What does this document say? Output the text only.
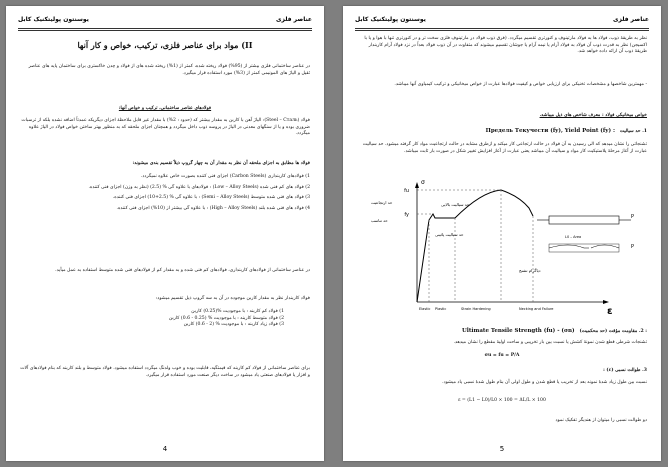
عناصر فلزی
یوسنتون پولیتکنیک کابل
II) مواد برای عناصر فلزی، ترکیب، خواص و کار آنها
در عناصر ساختمانی فلزی بیشتر از (95%) فولاد ریخته شده، کمتر از (1%) ریخته شده های از فولاد و چدن خاکستری برای ساختمان پایه های عناصر ثقیل و الیاژ های المونیمی کمتر از (3%) مورد استفاده قرار میگیرد.
فولادهای عناصر ساختمانی، ترکیب و خواص آنها:
فولاد (Steel – Сталь): الیاژ آهن با کاربن به مقدار بیشتر که (حدود : 2%) با مقدار غیر قابل ملاحظة اجزای دیگریکه عمدتاً اضافه نشده بلکه از ترسبات ضروری بوده و یا از سنگهای معدنی در الیاژ در پروسه ذوب داخل میگردد و همچنان اجزای ملحقه که به منظور بهتر ساختن خواص فولاد در الیاژ علاوه میگردد.
فولاد ها مطابق به اجزای ملحقه آن نظر به مقدار آن به چهار گروپ ذیلاً تقسیم بندی میشوند:
1) فولادهای کاربنداری (Carbon Steels) اجزای فنی کننده بصورت خاص علاوه نمیگردد.
2) فولاد های کم فنی شده (Low – Alloy Steels) : فولادهای با علاوه گی % (2.5) (نظر به وزن) اجزای فنی کننده.
3) فولاد های فنی شده متوسط (Semi – Alloy Steels) : با علاوه گی % (2.5+10) اجزای فنی کننده.
4) فولاد های فنی شده بلند (High – Alloy Steels) : با علاوه گی بیشتر از (10%) اجزای فنی کننده.
در عناصر ساختمانی از فولادهای کاربنداری، فولادهای کم فنی شده و به مقدار کم از فولادهای فنی شده متوسط استفاده به عمل میآید.
فولاد کاربندار نظر به مقدار کاربن موجوده در آن به سه گروپ ذیل تقسیم میشود:
1) فولاد کم کاربنه : با موجودیت %(0.25) کاربن
2) فولاد متوسط کاربنه : با موجودیت % (0.25 - 0.6) کاربن
3) فولاد زیاد کاربنه : با موجودیت % (2 - 0.6) کاربن
برای عناصر ساختمانی از فولاد کم کاربنه که قیمتگیه، قابلیت بوده و خوب ولدنگ میگردد استفاده میشود. فولاد متوسط و بلند کاربنه که بنام فولادهای آلات و افزار یا فولادهای صنعتی یاد میشود در ساخت دیگر صنعت مورد استفاده قرار میگیرد.
4
عناصر فلزی
یوسنتون پولیتکنیک کابل
نظر به طریقهٔ ذوب، فولاد ها به فولاد مارتینوف و کنورتری تقسیم میگردد. (فرق ذوب فولاد در مارتینوف فلزی سخت تر و در کنورتری تنها با هوا و یا با اکسیجن) نظر به قدرت ذوب آن فولاد به فولاد آرام یا نیمه آرام یا جوشان تقسیم میشوند که متفاوت در آن ذوب فولاد بعداً در نزد فولاد آرام کاربندار طریقهٔ ذوب آن ارائه داده خواهد شد.
- مهمترین شاخصها و مشخصات تخنیکی برای ارزیابی خواص و کیفیت فولادها عبارت از خواص میخانیکی و ترکیب کیمیاوی آنها میباشد.
خواص میخانیکی فولاد : معرف شاخص های ذیل میباشد.
1. حد سیالیت   Предель Текучести (fy), Yield Point (fy) :
تشنجاتی را نشان میدهد که الی رسیدن به آن فولاد در حالت ارتجاعی کار میکند و ازطرق مشابه در حالت ارتجاعیت مواد کار گرفته میشود. حد سیالیت عبارت از آغاز مرحلهٔ پلاستیکیت کار مواد و سیالیت آن میباشد یعنی عبارت از آغاز افزایش تغییر شکل در صورت بار ثابت میباشد.
fu
fy
σ
حد ارتجاعیت
حد تناسب
حد سیالیت بالایی
حد سیالیت پائینی
دیاگرام تشنج
P
P
L0 – Area
Elastic Plastic	Strain Hardening	Necking and Failure	ε
: 2. مقاومت مؤقت (حد محکمیت)   Ultimate Tensile Strength (fu) - (σn)
تشنجات شرطی قطع شدن نمونهٔ کشش یا نسبت بین بار تخریبی و ساحت اولیهٔ مقطع را نشان میدهد.
σu = fu = P/A
3. طوالت نسبی (ε) :
نسبت بین طول زیاد شدهٔ نمونه بعد از تخریب یا قطع شدن و طول اولی آن بنام طول شدهٔ نسبی یاد میشود.
ε = (L1 − L0)/L0 × 100 = ΔL/L × 100
دو طوالت نسبی را میتوان از هندیگر تفکیک نمود
5
